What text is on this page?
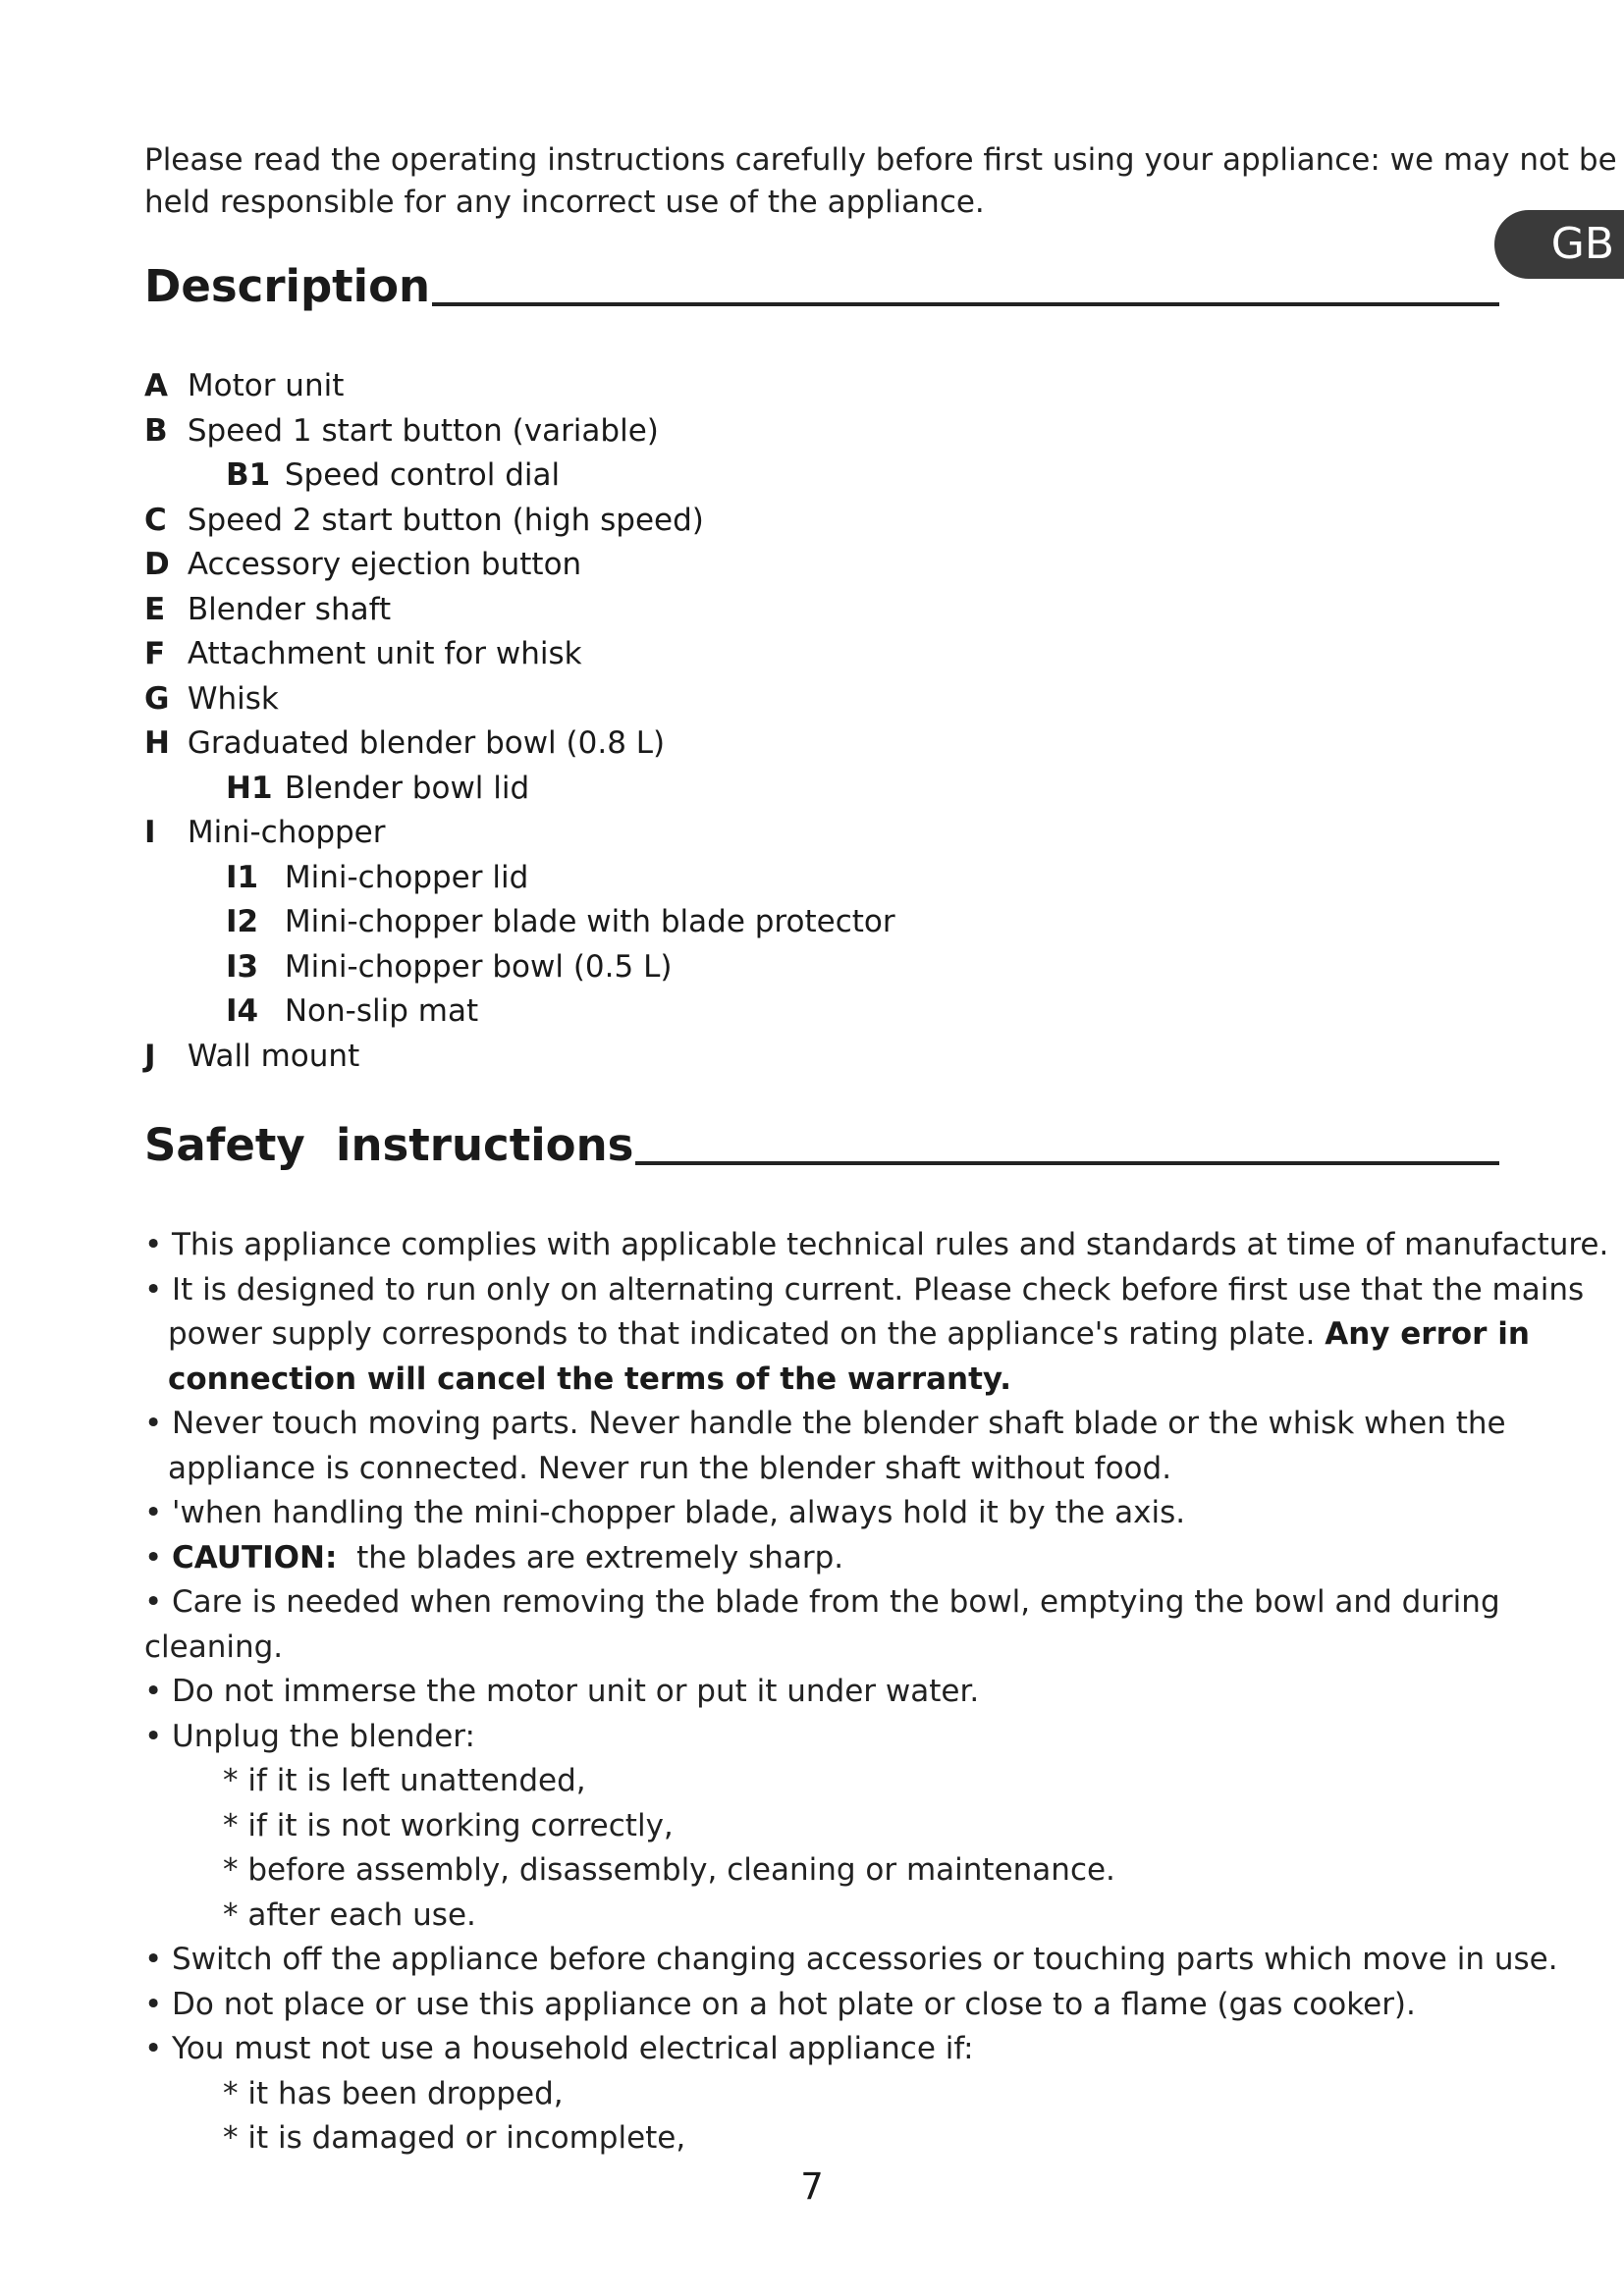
Please read the operating instructions carefully before first using your appliance: we may not be
held responsible for any incorrect use of the appliance.
GB
Description
A Motor unit
B Speed 1 start button (variable)
B1 Speed control dial
C Speed 2 start button (high speed)
D Accessory ejection button
E Blender shaft
F Attachment unit for whisk
G Whisk
H Graduated blender bowl (0.8 L)
H1 Blender bowl lid
I Mini-chopper
I1 Mini-chopper lid
I2 Mini-chopper blade with blade protector
I3 Mini-chopper bowl (0.5 L)
I4 Non-slip mat
J Wall mount
Safety  instructions
• This appliance complies with applicable technical rules and standards at time of manufacture.
• It is designed to run only on alternating current. Please check before first use that the mains
power supply corresponds to that indicated on the appliance's rating plate. Any error in
connection will cancel the terms of the warranty.
• Never touch moving parts. Never handle the blender shaft blade or the whisk when the
appliance is connected. Never run the blender shaft without food.
• 'when handling the mini-chopper blade, always hold it by the axis.
• CAUTION: the blades are extremely sharp.
• Care is needed when removing the blade from the bowl, emptying the bowl and during
cleaning.
• Do not immerse the motor unit or put it under water.
• Unplug the blender:
* if it is left unattended,
* if it is not working correctly,
* before assembly, disassembly, cleaning or maintenance.
* after each use.
• Switch off the appliance before changing accessories or touching parts which move in use.
• Do not place or use this appliance on a hot plate or close to a flame (gas cooker).
• You must not use a household electrical appliance if:
* it has been dropped,
* it is damaged or incomplete,
7
